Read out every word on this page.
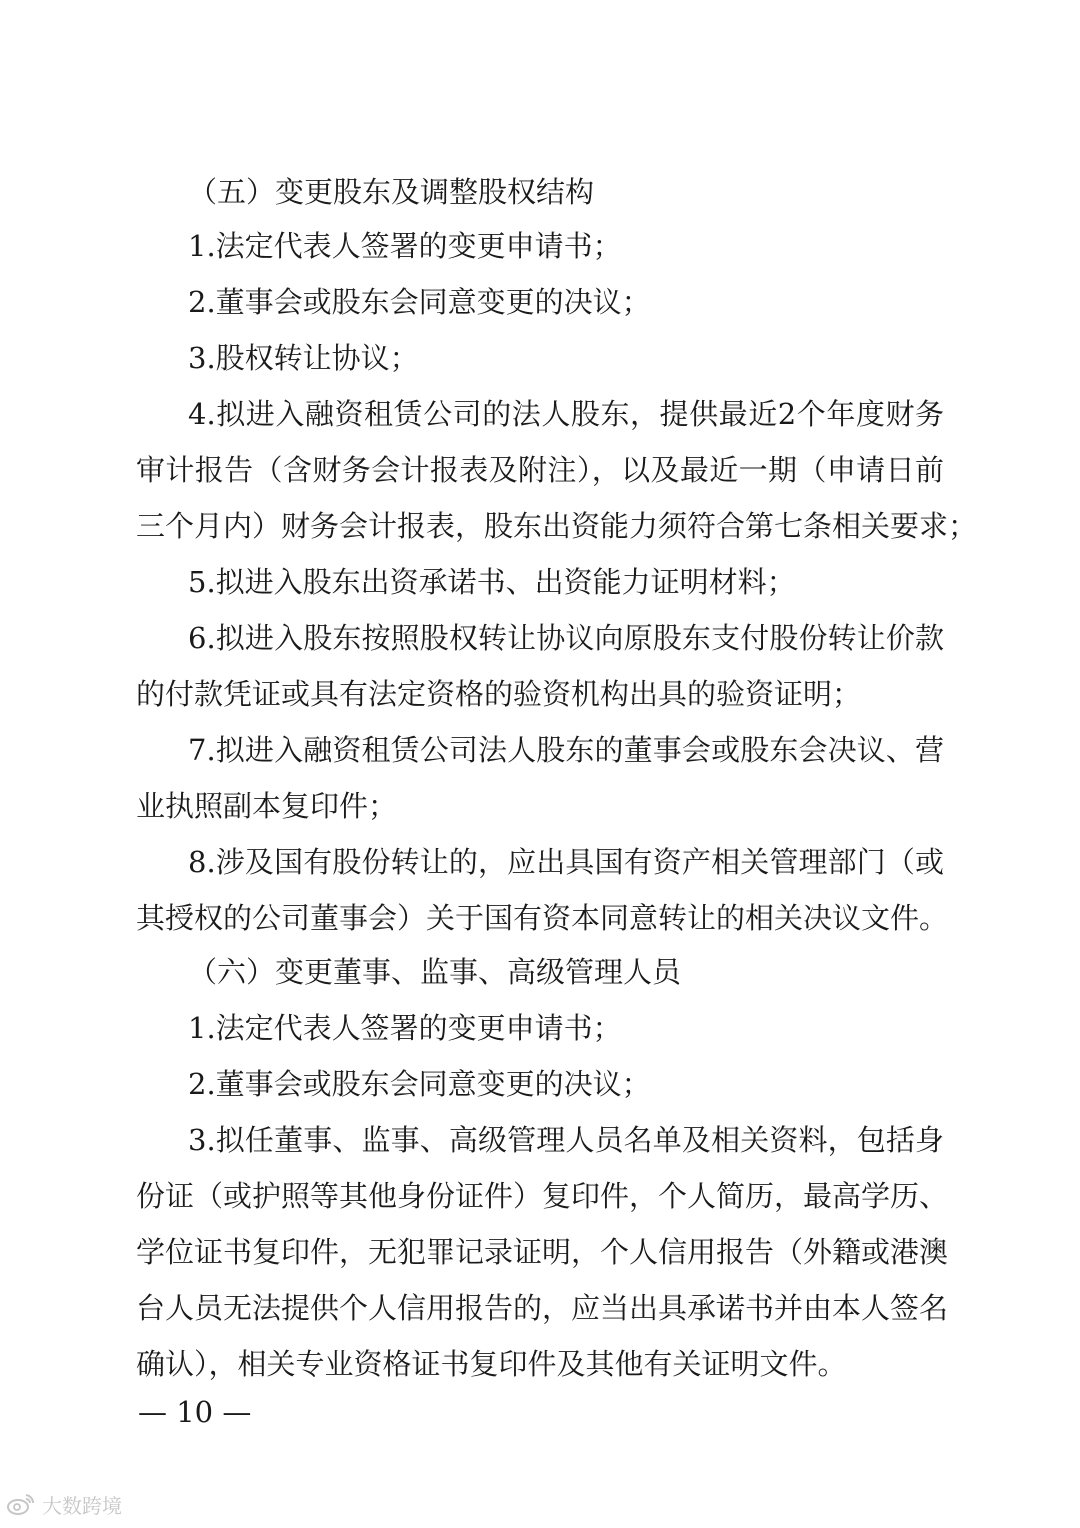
（五）变更股东及调整股权结构
1.法定代表人签署的变更申请书；
2.董事会或股东会同意变更的决议；
3.股权转让协议；
4.拟进入融资租赁公司的法人股东，提供最近2个年度财务
审计报告（含财务会计报表及附注），以及最近一期（申请日前
三个月内）财务会计报表，股东出资能力须符合第七条相关要求；
5.拟进入股东出资承诺书、出资能力证明材料；
6.拟进入股东按照股权转让协议向原股东支付股份转让价款
的付款凭证或具有法定资格的验资机构出具的验资证明；
7.拟进入融资租赁公司法人股东的董事会或股东会决议、营
业执照副本复印件；
8.涉及国有股份转让的，应出具国有资产相关管理部门（或
其授权的公司董事会）关于国有资本同意转让的相关决议文件。
（六）变更董事、监事、高级管理人员
1.法定代表人签署的变更申请书；
2.董事会或股东会同意变更的决议；
3.拟任董事、监事、高级管理人员名单及相关资料，包括身
份证（或护照等其他身份证件）复印件，个人简历，最高学历、
学位证书复印件，无犯罪记录证明，个人信用报告（外籍或港澳
台人员无法提供个人信用报告的，应当出具承诺书并由本人签名
确认），相关专业资格证书复印件及其他有关证明文件。
— 10 —
大数跨境
